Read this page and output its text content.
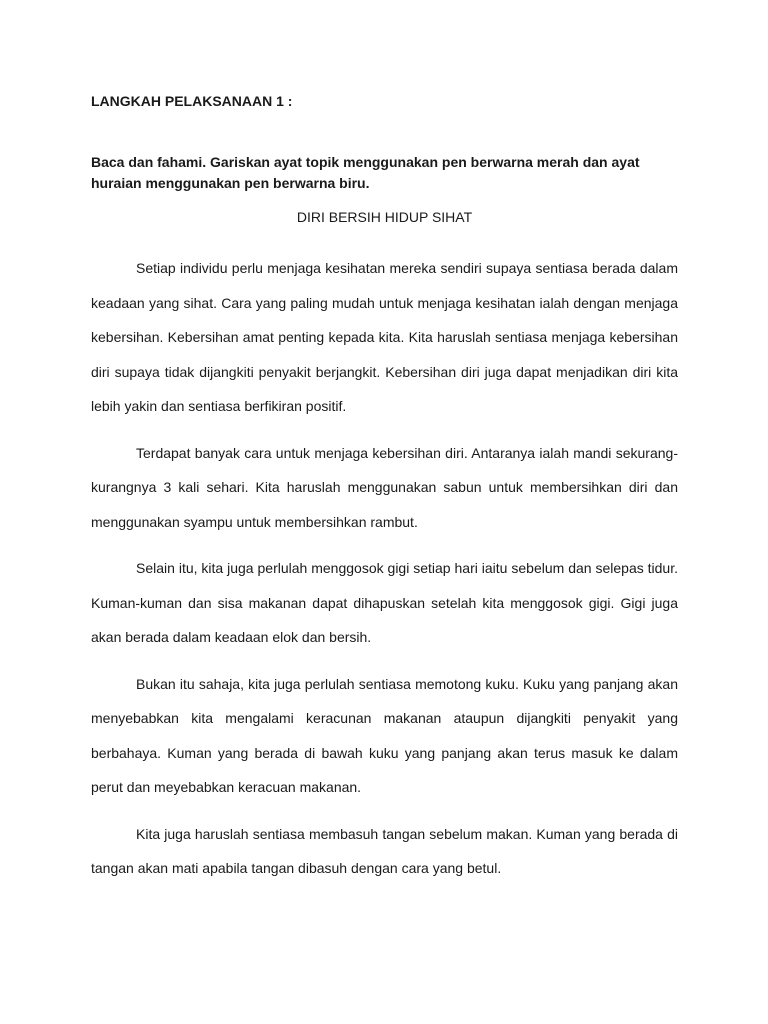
LANGKAH PELAKSANAAN 1 :

Baca dan fahami. Gariskan ayat topik menggunakan pen berwarna merah dan ayat huraian menggunakan pen berwarna biru.

DIRI BERSIH HIDUP SIHAT

Setiap individu perlu menjaga kesihatan mereka sendiri supaya sentiasa berada dalam keadaan yang sihat. Cara yang paling mudah untuk menjaga kesihatan ialah dengan menjaga kebersihan. Kebersihan amat penting kepada kita. Kita haruslah sentiasa menjaga kebersihan diri supaya tidak dijangkiti penyakit berjangkit. Kebersihan diri juga dapat menjadikan diri kita lebih yakin dan sentiasa berfikiran positif.

Terdapat banyak cara untuk menjaga kebersihan diri. Antaranya ialah mandi sekurang-kurangnya 3 kali sehari. Kita haruslah menggunakan sabun untuk membersihkan diri dan menggunakan syampu untuk membersihkan rambut.

Selain itu, kita juga perlulah menggosok gigi setiap hari iaitu sebelum dan selepas tidur. Kuman-kuman dan sisa makanan dapat dihapuskan setelah kita menggosok gigi. Gigi juga akan berada dalam keadaan elok dan bersih.

Bukan itu sahaja, kita juga perlulah sentiasa memotong kuku. Kuku yang panjang akan menyebabkan kita mengalami keracunan makanan ataupun dijangkiti penyakit yang berbahaya. Kuman yang berada di bawah kuku yang panjang akan terus masuk ke dalam perut dan meyebabkan keracuan makanan.

Kita juga haruslah sentiasa membasuh tangan sebelum makan. Kuman yang berada di tangan akan mati apabila tangan dibasuh dengan cara yang betul.
